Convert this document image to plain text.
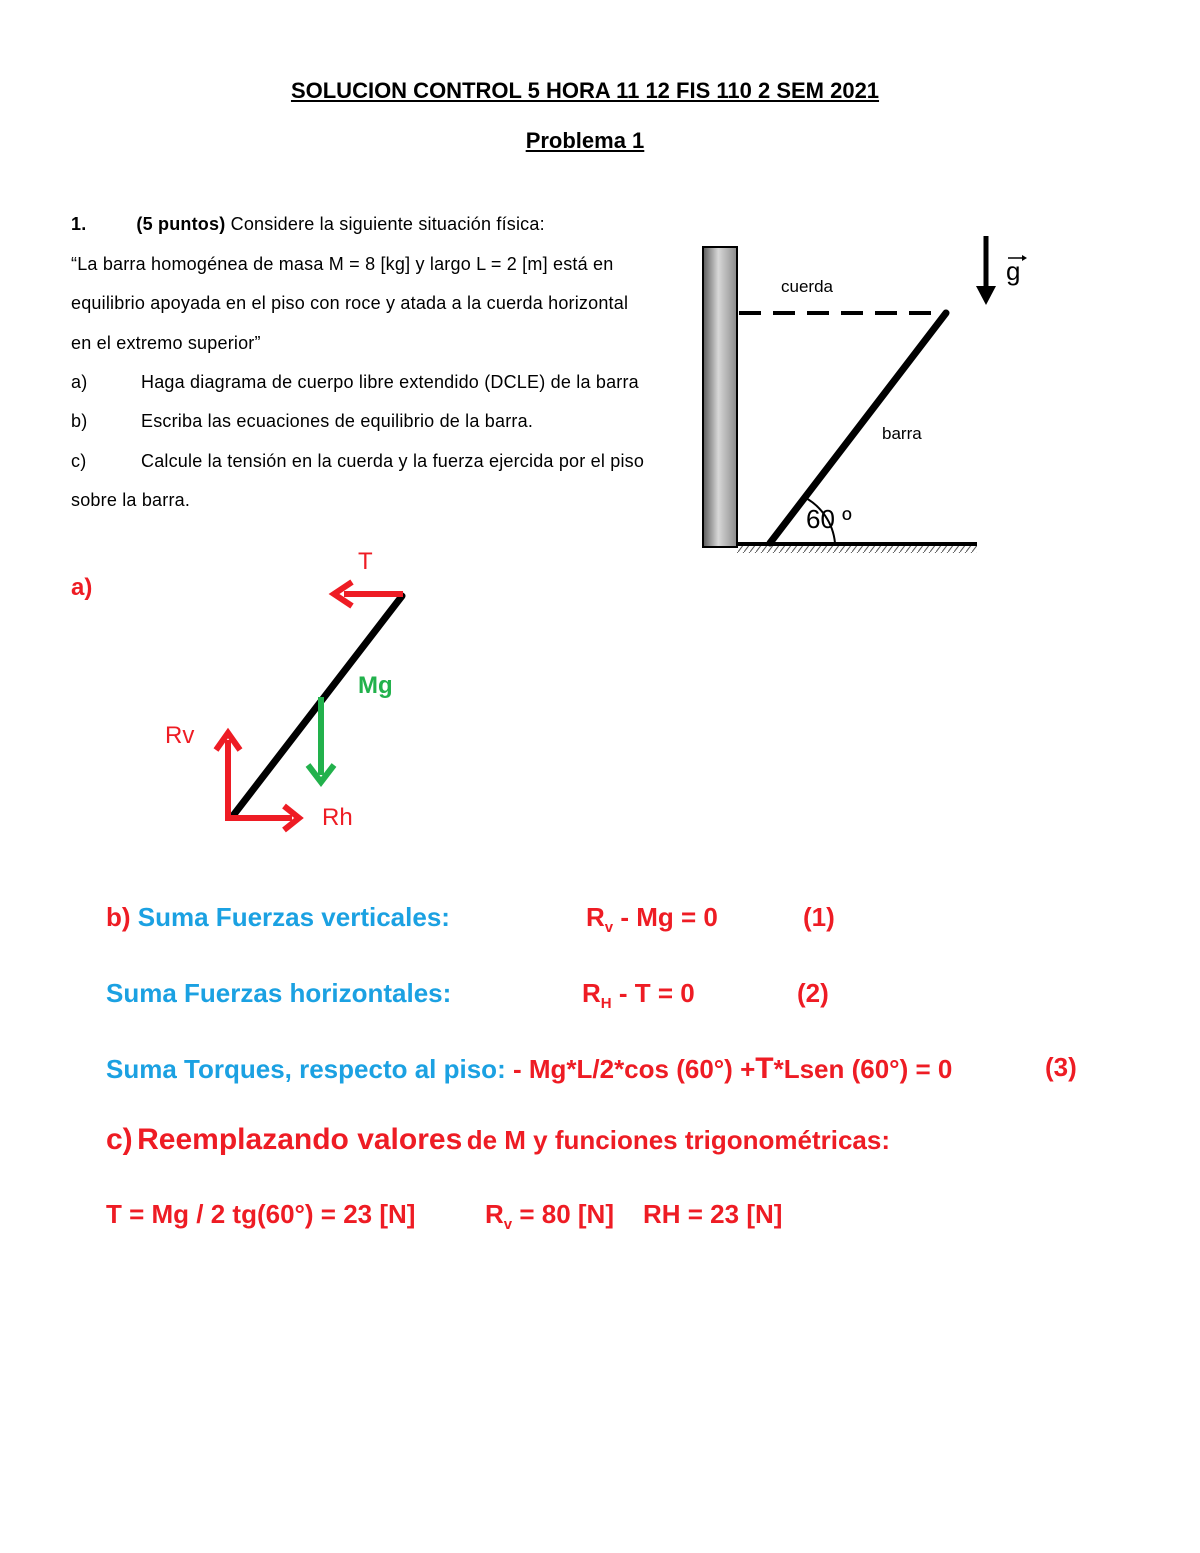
SOLUCION CONTROL 5 HORA 11 12 FIS 110 2 SEM 2021
Problema 1
1.	(5 puntos) Considere la siguiente situación física:
“La barra homogénea de masa M = 8 [kg] y largo L = 2 [m] está en
equilibrio apoyada en el piso con roce y atada a la cuerda horizontal
en el extremo superior”
a)	Haga diagrama de cuerpo libre extendido (DCLE) de la barra
b)	Escriba las ecuaciones de equilibrio de la barra.
c)	Calcule la tensión en la cuerda y la fuerza ejercida por el piso
sobre la barra.
cuerda
barra
60 º
g
a)
T
Mg
Rv
Rh
b) Suma Fuerzas verticales:	$R_v - Mg = 0$	(1)
Suma Fuerzas horizontales:	$R_H - T = 0$	(2)
Suma Torques, respecto al piso: - Mg*L/2*cos (60°) +T*Lsen (60°) = 0	(3)
c) Reemplazando valores de M y funciones trigonométricas:
T = Mg / 2 tg(60°) = 23 [N]	$R_v = 80$ [N] RH = 23 [N]
